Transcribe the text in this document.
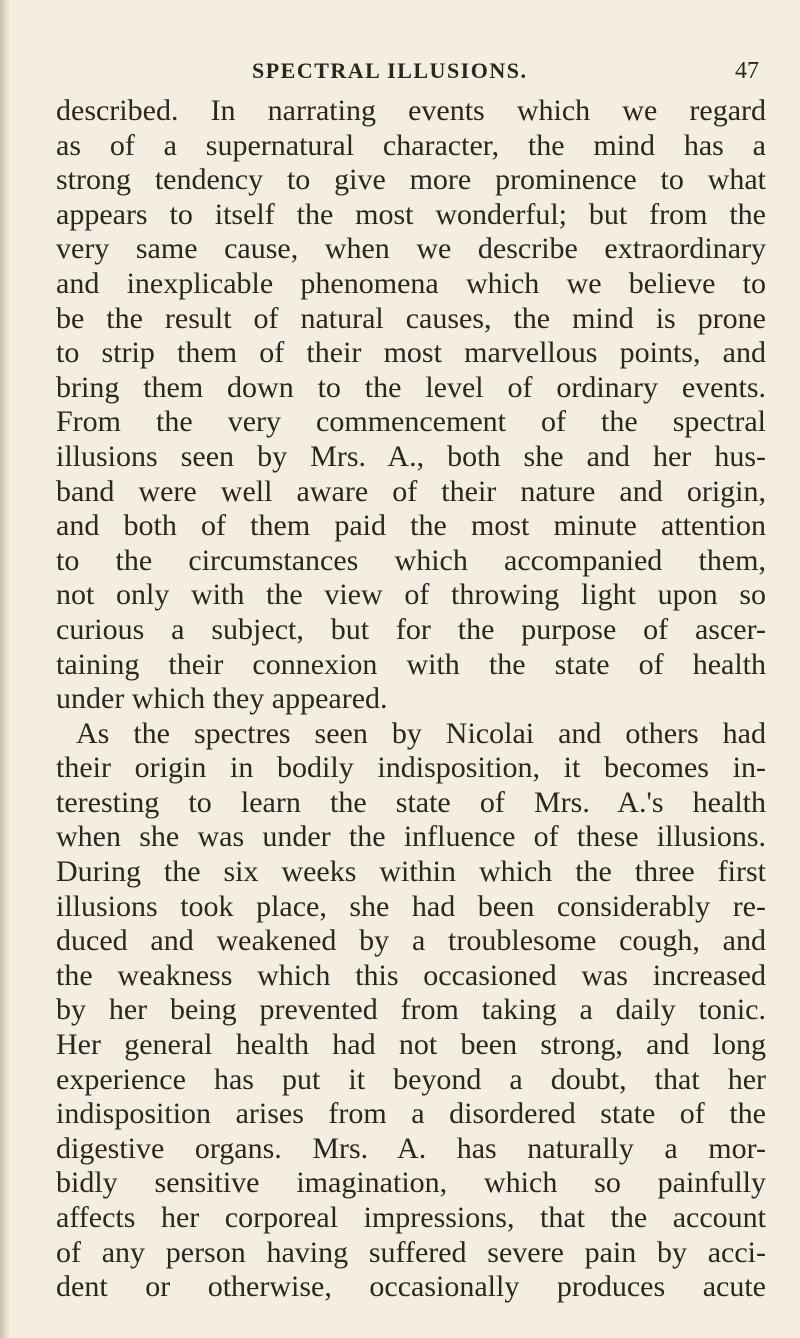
SPECTRAL ILLUSIONS.	47
described. In narrating events which we regard
as of a supernatural character, the mind has a
strong tendency to give more prominence to what
appears to itself the most wonderful; but from the
very same cause, when we describe extraordinary
and inexplicable phenomena which we believe to
be the result of natural causes, the mind is prone
to strip them of their most marvellous points, and
bring them down to the level of ordinary events.
From the very commencement of the spectral
illusions seen by Mrs. A., both she and her hus-
band were well aware of their nature and origin,
and both of them paid the most minute attention
to the circumstances which accompanied them,
not only with the view of throwing light upon so
curious a subject, but for the purpose of ascer-
taining their connexion with the state of health
under which they appeared.
As the spectres seen by Nicolai and others had
their origin in bodily indisposition, it becomes in-
teresting to learn the state of Mrs. A.'s health
when she was under the influence of these illusions.
During the six weeks within which the three first
illusions took place, she had been considerably re-
duced and weakened by a troublesome cough, and
the weakness which this occasioned was increased
by her being prevented from taking a daily tonic.
Her general health had not been strong, and long
experience has put it beyond a doubt, that her
indisposition arises from a disordered state of the
digestive organs. Mrs. A. has naturally a mor-
bidly sensitive imagination, which so painfully
affects her corporeal impressions, that the account
of any person having suffered severe pain by acci-
dent or otherwise, occasionally produces acute
